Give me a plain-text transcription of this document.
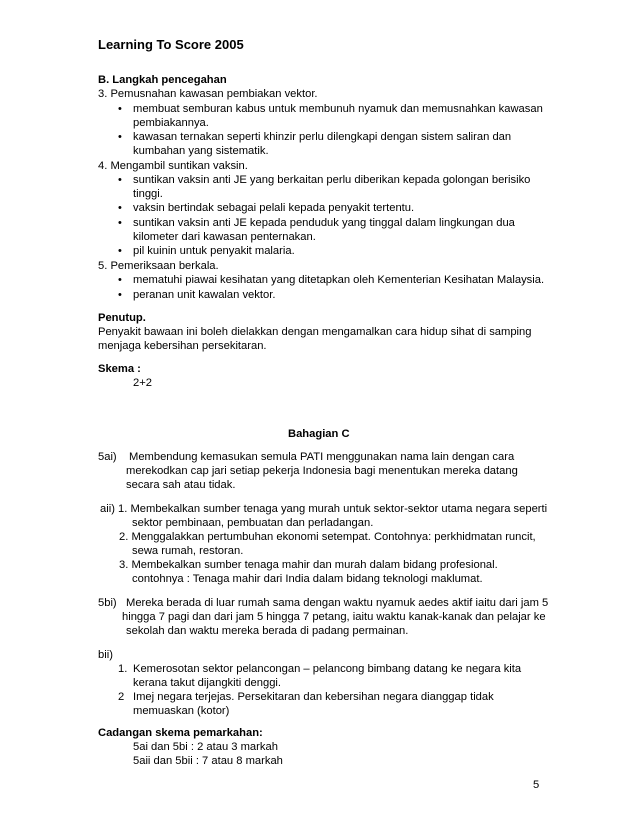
Learning To Score 2005
B. Langkah pencegahan
3. Pemusnahan kawasan pembiakan vektor.
• membuat semburan kabus untuk membunuh nyamuk dan memusnahkan kawasan
pembiakannya.
• kawasan ternakan seperti khinzir perlu dilengkapi dengan sistem saliran dan
kumbahan yang sistematik.
4. Mengambil suntikan vaksin.
• suntikan vaksin anti JE yang berkaitan perlu diberikan kepada golongan berisiko
tinggi.
• vaksin bertindak sebagai pelali kepada penyakit tertentu.
• suntikan vaksin anti JE kepada penduduk yang tinggal dalam lingkungan dua
kilometer dari kawasan penternakan.
• pil kuinin untuk penyakit malaria.
5. Pemeriksaan berkala.
• mematuhi piawai kesihatan yang ditetapkan oleh Kementerian Kesihatan Malaysia.
• peranan unit kawalan vektor.
Penutup.
Penyakit bawaan ini boleh dielakkan dengan mengamalkan cara hidup sihat di samping
menjaga kebersihan persekitaran.
Skema :
2+2
Bahagian C
5ai) Membendung kemasukan semula PATI menggunakan nama lain dengan cara
merekodkan cap jari setiap pekerja Indonesia bagi menentukan mereka datang
secara sah atau tidak.
aii) 1. Membekalkan sumber tenaga yang murah untuk sektor-sektor utama negara seperti
sektor pembinaan, pembuatan dan perladangan.
2. Menggalakkan pertumbuhan ekonomi setempat. Contohnya: perkhidmatan runcit,
sewa rumah, restoran.
3. Membekalkan sumber tenaga mahir dan murah dalam bidang profesional.
contohnya : Tenaga mahir dari India dalam bidang teknologi maklumat.
5bi) Mereka berada di luar rumah sama dengan waktu nyamuk aedes aktif iaitu dari jam 5
hingga 7 pagi dan dari jam 5 hingga 7 petang, iaitu waktu kanak-kanak dan pelajar ke
sekolah dan waktu mereka berada di padang permainan.
bii)
1. Kemerosotan sektor pelancongan – pelancong bimbang datang ke negara kita
kerana takut dijangkiti denggi.
2 Imej negara terjejas. Persekitaran dan kebersihan negara dianggap tidak
memuaskan (kotor)
Cadangan skema pemarkahan:
5ai dan 5bi : 2 atau 3 markah
5aii dan 5bii : 7 atau 8 markah
5
